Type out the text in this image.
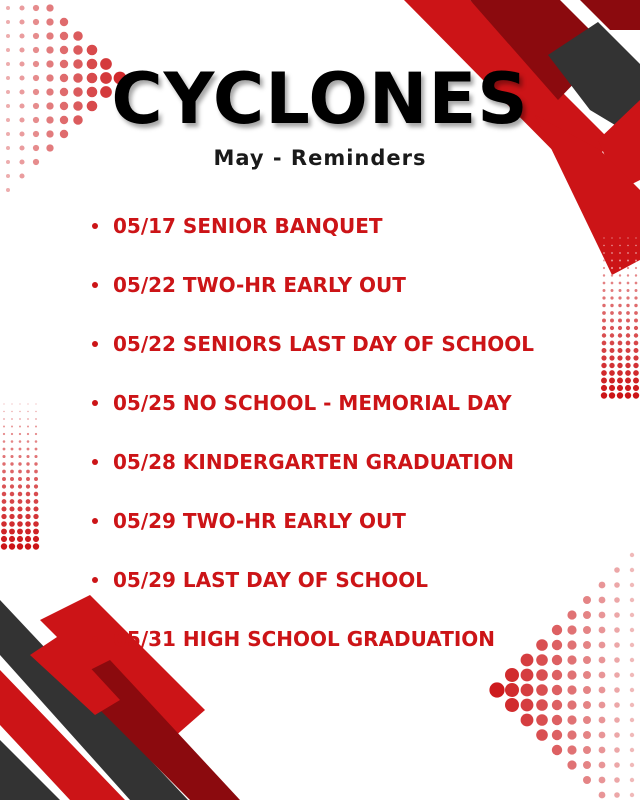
CYCLONES

May - Reminders

05/17 SENIOR BANQUET
05/22 TWO-HR EARLY OUT
05/22 SENIORS LAST DAY OF SCHOOL
05/25 NO SCHOOL - MEMORIAL DAY
05/28 KINDERGARTEN GRADUATION
05/29 TWO-HR EARLY OUT
05/29 LAST DAY OF SCHOOL
05/31 HIGH SCHOOL GRADUATION
